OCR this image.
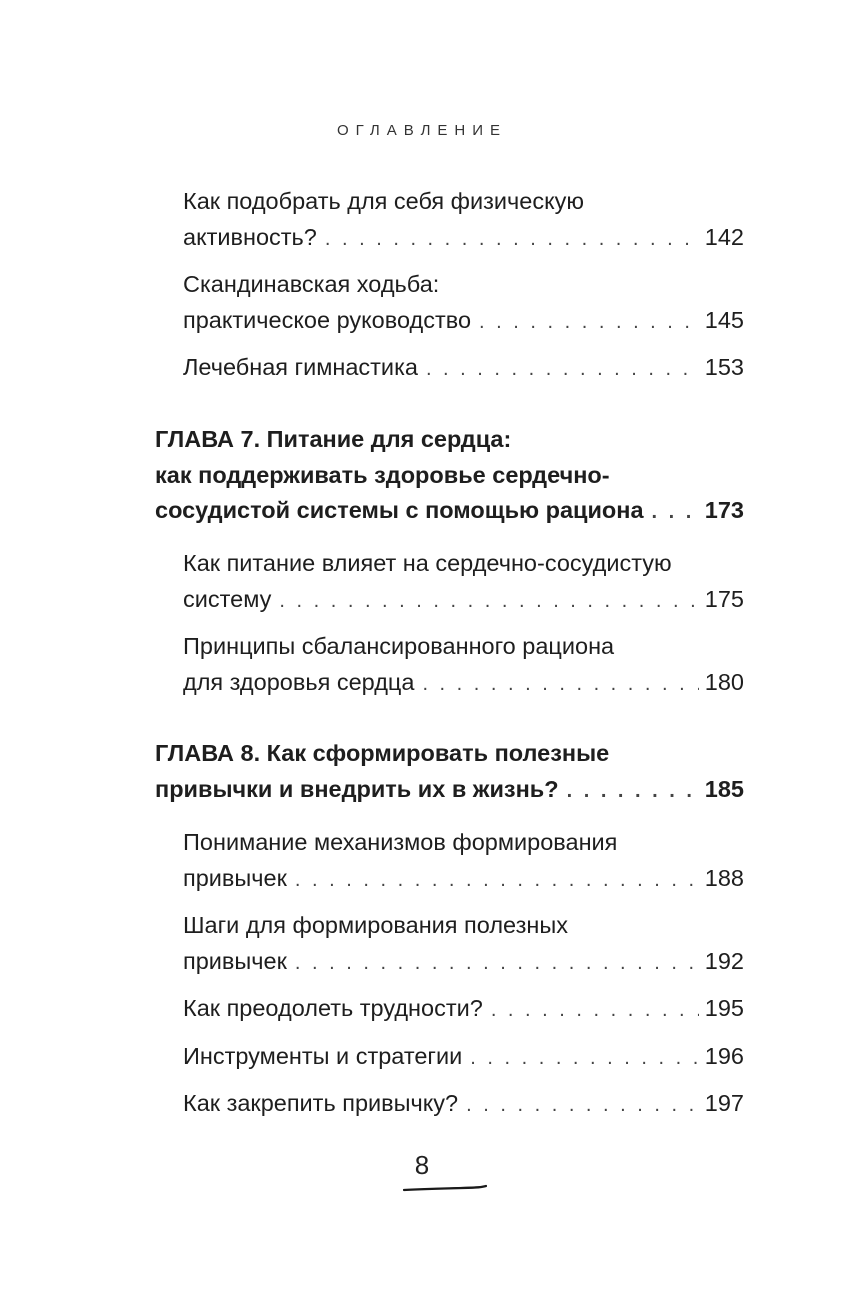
ОГЛАВЛЕНИЕ
Как подобрать для себя физическую
активность? . . .	142
Скандинавская ходьба:
практическое руководство . . .	145
Лечебная гимнастика . . .	153
ГЛАВА 7. Питание для сердца:
как поддерживать здоровье сердечно-
сосудистой системы с помощью рациона . . .	173
Как питание влияет на сердечно-сосудистую
систему . . .	175
Принципы сбалансированного рациона
для здоровья сердца . . .	180
ГЛАВА 8. Как сформировать полезные
привычки и внедрить их в жизнь? . . .	185
Понимание механизмов формирования
привычек . . .	188
Шаги для формирования полезных
привычек . . .	192
Как преодолеть трудности? . . .	195
Инструменты и стратегии . . .	196
Как закрепить привычку? . . .	197
8
